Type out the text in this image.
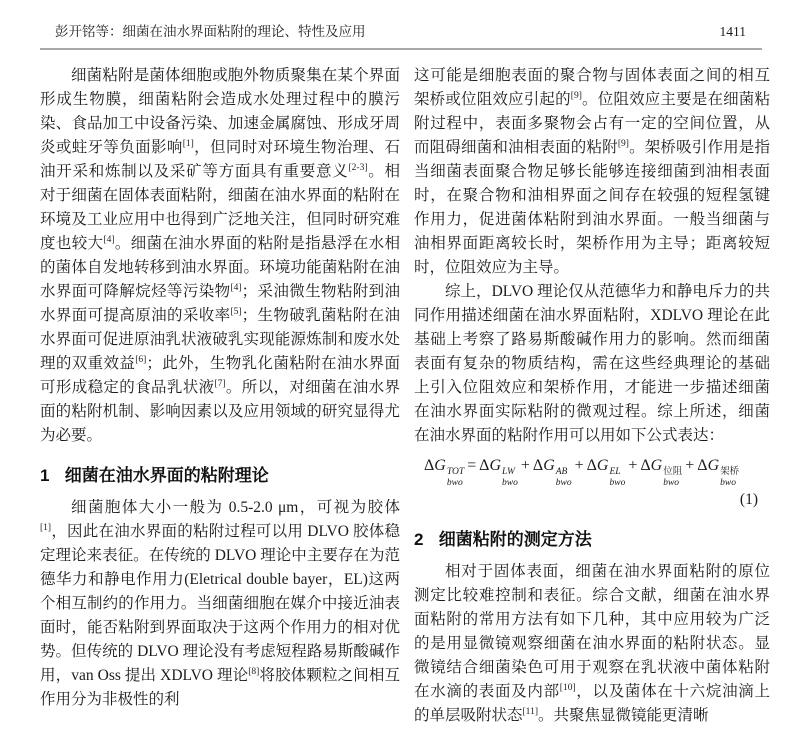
彭开铭等：细菌在油水界面粘附的理论、特性及应用	1411

细菌粘附是菌体细胞或胞外物质聚集在某个界面形成生物膜，细菌粘附会造成水处理过程中的膜污染、食品加工中设备污染、加速金属腐蚀、形成牙周炎或蛀牙等负面影响[1]，但同时对环境生物治理、石油开采和炼制以及采矿等方面具有重要意义[2-3]。相对于细菌在固体表面粘附，细菌在油水界面的粘附在环境及工业应用中也得到广泛地关注，但同时研究难度也较大[4]。细菌在油水界面的粘附是指悬浮在水相的菌体自发地转移到油水界面。环境功能菌粘附在油水界面可降解烷烃等污染物[4]；采油微生物粘附到油水界面可提高原油的采收率[5]；生物破乳菌粘附在油水界面可促进原油乳状液破乳实现能源炼制和废水处理的双重效益[6]；此外，生物乳化菌粘附在油水界面可形成稳定的食品乳状液[7]。所以，对细菌在油水界面的粘附机制、影响因素以及应用领域的研究显得尤为必要。

1 细菌在油水界面的粘附理论

细菌胞体大小一般为 0.5-2.0 μm，可视为胶体[1]，因此在油水界面的粘附过程可以用 DLVO 胶体稳定理论来表征。在传统的 DLVO 理论中主要存在为范德华力和静电作用力(Eletrical double bayer，EL)这两个相互制约的作用力。当细菌细胞在媒介中接近油表面时，能否粘附到界面取决于这两个作用力的相对优势。但传统的 DLVO 理论没有考虑短程路易斯酸碱作用，van Oss 提出 XDLVO 理论[8]将胶体颗粒之间相互作用分为非极性的利

这可能是细胞表面的聚合物与固体表面之间的相互架桥或位阻效应引起的[9]。位阻效应主要是在细菌粘附过程中，表面多聚物会占有一定的空间位置，从而阻碍细菌和油相表面的粘附[9]。架桥吸引作用是指当细菌表面聚合物足够长能够连接细菌到油相表面时，在聚合物和油相界面之间存在较强的短程氢键作用力，促进菌体粘附到油水界面。一般当细菌与油相界面距离较长时，架桥作用为主导；距离较短时，位阻效应为主导。

综上，DLVO 理论仅从范德华力和静电斥力的共同作用描述细菌在油水界面粘附，XDLVO 理论在此基础上考察了路易斯酸碱作用力的影响。然而细菌表面有复杂的物质结构，需在这些经典理论的基础上引入位阻效应和架桥作用，才能进一步描述细菌在油水界面实际粘附的微观过程。综上所述，细菌在油水界面的粘附作用可以用如下公式表达：

ΔG TOT
bwo
= ΔG LW
bwo
+ ΔG AB
bwo
+ ΔG EL
bwo
+ ΔG 位阻
bwo
+ ΔG 架桥
bwo
(1)
2 细菌粘附的测定方法

相对于固体表面，细菌在油水界面粘附的原位测定比较难控制和表征。综合文献，细菌在油水界面粘附的常用方法有如下几种，其中应用较为广泛的是用显微镜观察细菌在油水界面的粘附状态。显微镜结合细菌染色可用于观察在乳状液中菌体粘附在水滴的表面及内部[10]，以及菌体在十六烷油滴上的单层吸附状态[11]。共聚焦显微镜能更清晰
